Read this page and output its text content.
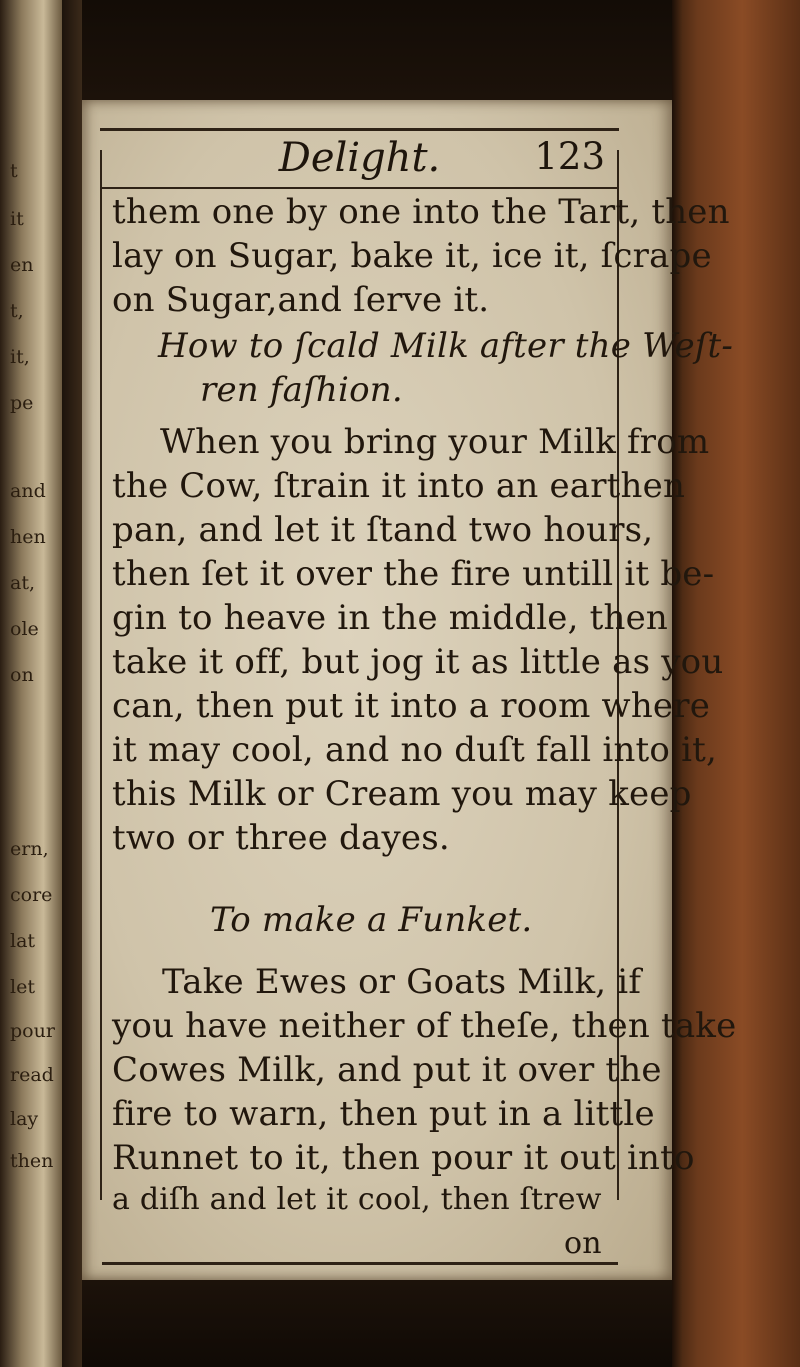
t
it
en
t,
it,
pe
and
hen
at,
ole
on
ern,
core
lat
let
pour
read
lay
then
Delight.	123
them one by one into the Tart, then
lay on Sugar, bake it, ice it, ſcrape
on Sugar,and ſerve it.
How to ſcald Milk after the Weſt-
ren faſhion.
When you bring your Milk from
the Cow, ſtrain it into an earthen
pan, and let it ſtand two hours,
then ſet it over the fire untill it be-
gin to heave in the middle, then
take it off, but jog it as little as you
can, then put it into a room where
it may cool, and no duſt fall into it,
this Milk or Cream you may keep
two or three dayes.
To make a Funket.
Take Ewes or Goats Milk, if
you have neither of theſe, then take
Cowes Milk, and put it over the
fire to warn, then put in a little
Runnet to it, then pour it out into
a diſh and let it cool, then ſtrew
on
